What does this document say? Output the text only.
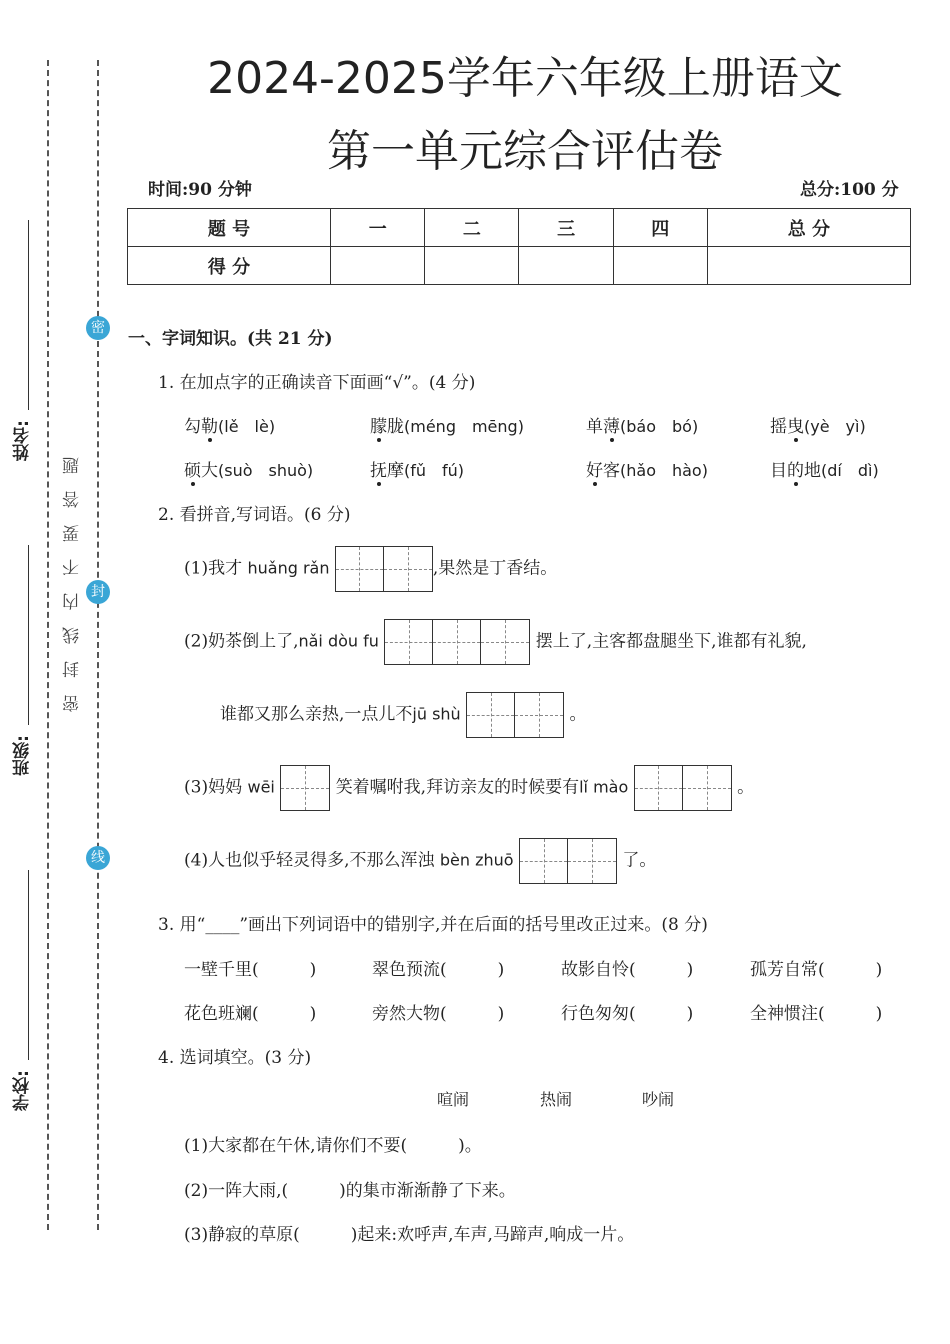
姓名:
班级:
学校:
密封线内不要答题
密
封
线
2024-2025学年六年级上册语文
第一单元综合评估卷
时间:90 分钟	总分:100 分
题 号	一	二	三	四	总 分
得 分					
一、字词知识。(共 21 分)
1. 在加点字的正确读音下面画“√”。(4 分)
勾勒(lě　lè)	朦胧(méng　mēng)	单薄(báo　bó)	摇曳(yè　yì)
硕大(suò　shuò)	抚摩(fǔ　fú)	好客(hǎo　hào)	目的地(dí　dì)
2. 看拼音,写词语。(6 分)
(1)我才 huǎng rǎn	,果然是丁香结。
(2)奶茶倒上了,nǎi dòu fu	摆上了,主客都盘腿坐下,谁都有礼貌,
谁都又那么亲热,一点儿不jū shù	。
(3)妈妈 wēi	笑着嘱咐我,拜访亲友的时候要有lǐ mào	。
(4)人也似乎轻灵得多,不那么浑浊 bèn zhuō	了。
3. 用“____”画出下列词语中的错别字,并在后面的括号里改正过来。(8 分)
一壁千里(　　　)	翠色预流(　　　)	故影自怜(　　　)	孤芳自常(　　　)
花色班斓(　　　)	旁然大物(　　　)	行色匆匆(　　　)	全神惯注(　　　)
4. 选词填空。(3 分)
喧闹	热闹	吵闹
(1)大家都在午休,请你们不要(　　　)。
(2)一阵大雨,(　　　)的集市渐渐静了下来。
(3)静寂的草原(　　　)起来:欢呼声,车声,马蹄声,响成一片。
